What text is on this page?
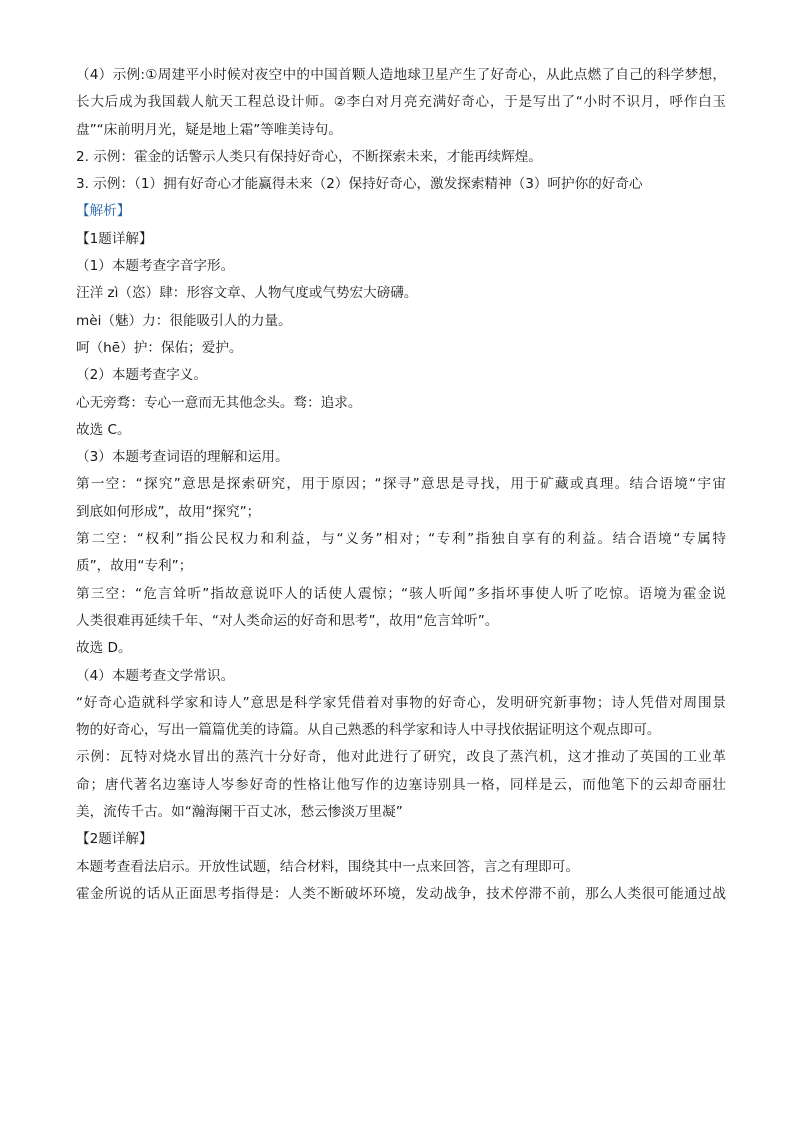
（4）示例:①周建平小时候对夜空中的中国首颗人造地球卫星产生了好奇心，从此点燃了自己的科学梦想，
长大后成为我国载人航天工程总设计师。②李白对月亮充满好奇心，于是写出了“小时不识月，呼作白玉
盘”“床前明月光，疑是地上霜”等唯美诗句。
2. 示例：霍金的话警示人类只有保持好奇心，不断探索未来，才能再续辉煌。
3. 示例：（1）拥有好奇心才能赢得未来（2）保持好奇心，激发探索精神（3）呵护你的好奇心
【解析】
【1题详解】
（1）本题考查字音字形。
汪洋 zì（恣）肆：形容文章、人物气度或气势宏大磅礴。
mèi（魅）力：很能吸引人的力量。
呵（hē）护：保佑；爱护。
（2）本题考查字义。
心无旁骛：专心一意而无其他念头。骛：追求。
故选 C。
（3）本题考查词语的理解和运用。
第一空：“探究”意思是探索研究，用于原因；“探寻”意思是寻找，用于矿藏或真理。结合语境“宇宙
到底如何形成”，故用“探究”；
第二空：“权利”指公民权力和利益，与“义务”相对；“专利”指独自享有的利益。结合语境“专属特
质”，故用“专利”；
第三空：“危言耸听”指故意说吓人的话使人震惊；“骇人听闻”多指坏事使人听了吃惊。语境为霍金说
人类很难再延续千年、“对人类命运的好奇和思考”，故用“危言耸听”。
故选 D。
（4）本题考查文学常识。
“好奇心造就科学家和诗人”意思是科学家凭借着对事物的好奇心，发明研究新事物；诗人凭借对周围景
物的好奇心，写出一篇篇优美的诗篇。从自己熟悉的科学家和诗人中寻找依据证明这个观点即可。
示例：瓦特对烧水冒出的蒸汽十分好奇，他对此进行了研究，改良了蒸汽机，这才推动了英国的工业革
命；唐代著名边塞诗人岑参好奇的性格让他写作的边塞诗别具一格，同样是云，而他笔下的云却奇丽壮
美，流传千古。如“瀚海阑干百丈冰，愁云惨淡万里凝”
【2题详解】
本题考查看法启示。开放性试题，结合材料，围绕其中一点来回答，言之有理即可。
霍金所说的话从正面思考指得是：人类不断破坏环境，发动战争，技术停滞不前，那么人类很可能通过战
